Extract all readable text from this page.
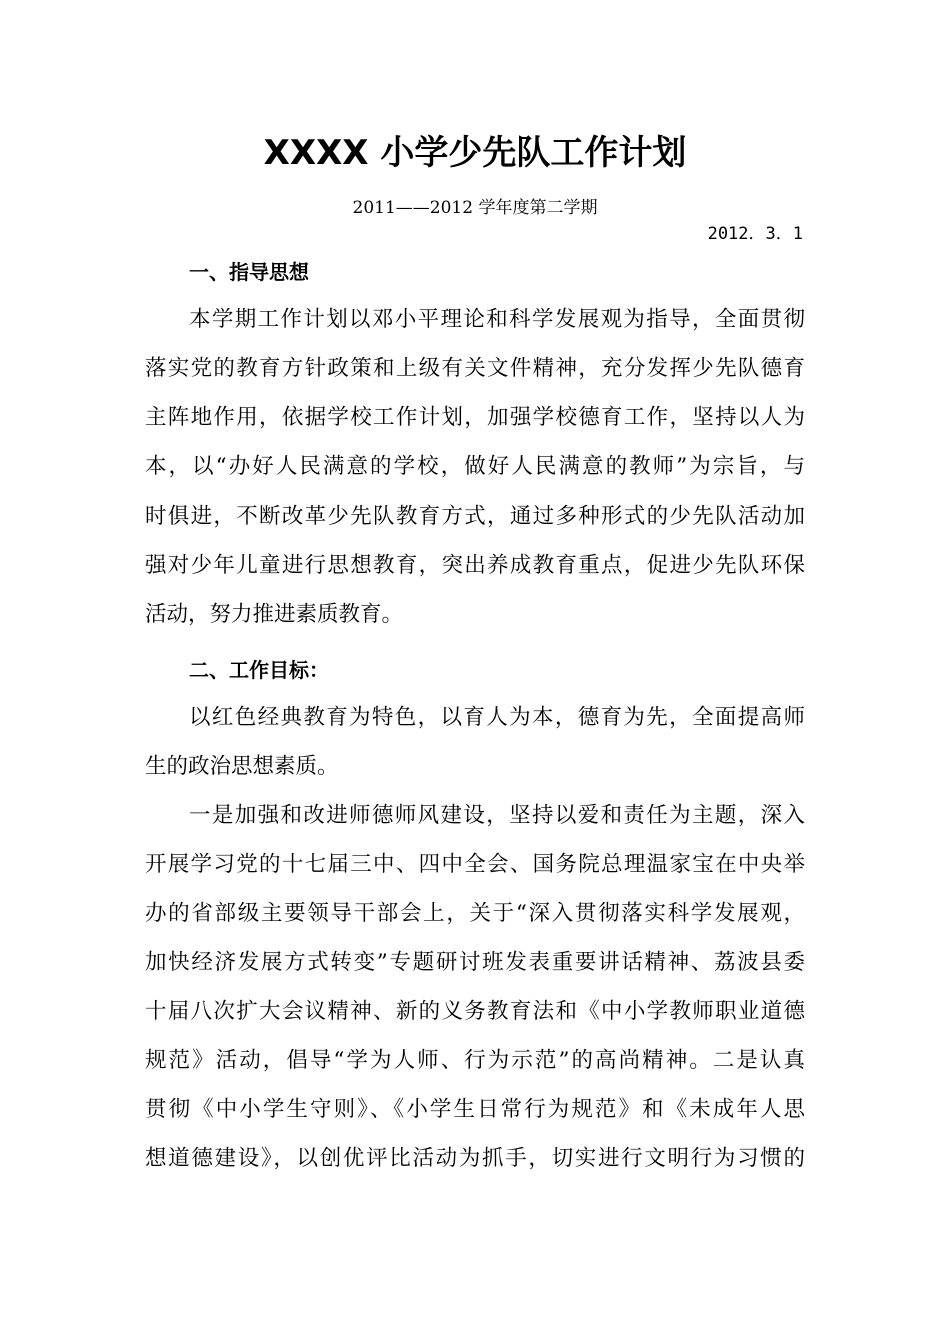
XXXX 小学少先队工作计划

2011——2012 学年度第二学期

2012．3．1

一、指导思想

本学期工作计划以邓小平理论和科学发展观为指导，全面贯彻

落实党的教育方针政策和上级有关文件精神，充分发挥少先队德育

主阵地作用，依据学校工作计划，加强学校德育工作，坚持以人为

本，以“办好人民满意的学校，做好人民满意的教师”为宗旨，与

时俱进，不断改革少先队教育方式，通过多种形式的少先队活动加

强对少年儿童进行思想教育，突出养成教育重点，促进少先队环保

活动，努力推进素质教育。

二、工作目标：

以红色经典教育为特色，以育人为本，德育为先，全面提高师

生的政治思想素质。

一是加强和改进师德师风建设，坚持以爱和责任为主题，深入

开展学习党的十七届三中、四中全会、国务院总理温家宝在中央举

办的省部级主要领导干部会上，关于“深入贯彻落实科学发展观，

加快经济发展方式转变”专题研讨班发表重要讲话精神、荔波县委

十届八次扩大会议精神、新的义务教育法和《中小学教师职业道德

规范》活动，倡导“学为人师、行为示范”的高尚精神。二是认真

贯彻《中小学生守则》、《小学生日常行为规范》和《未成年人思

想道德建设》，以创优评比活动为抓手，切实进行文明行为习惯的
